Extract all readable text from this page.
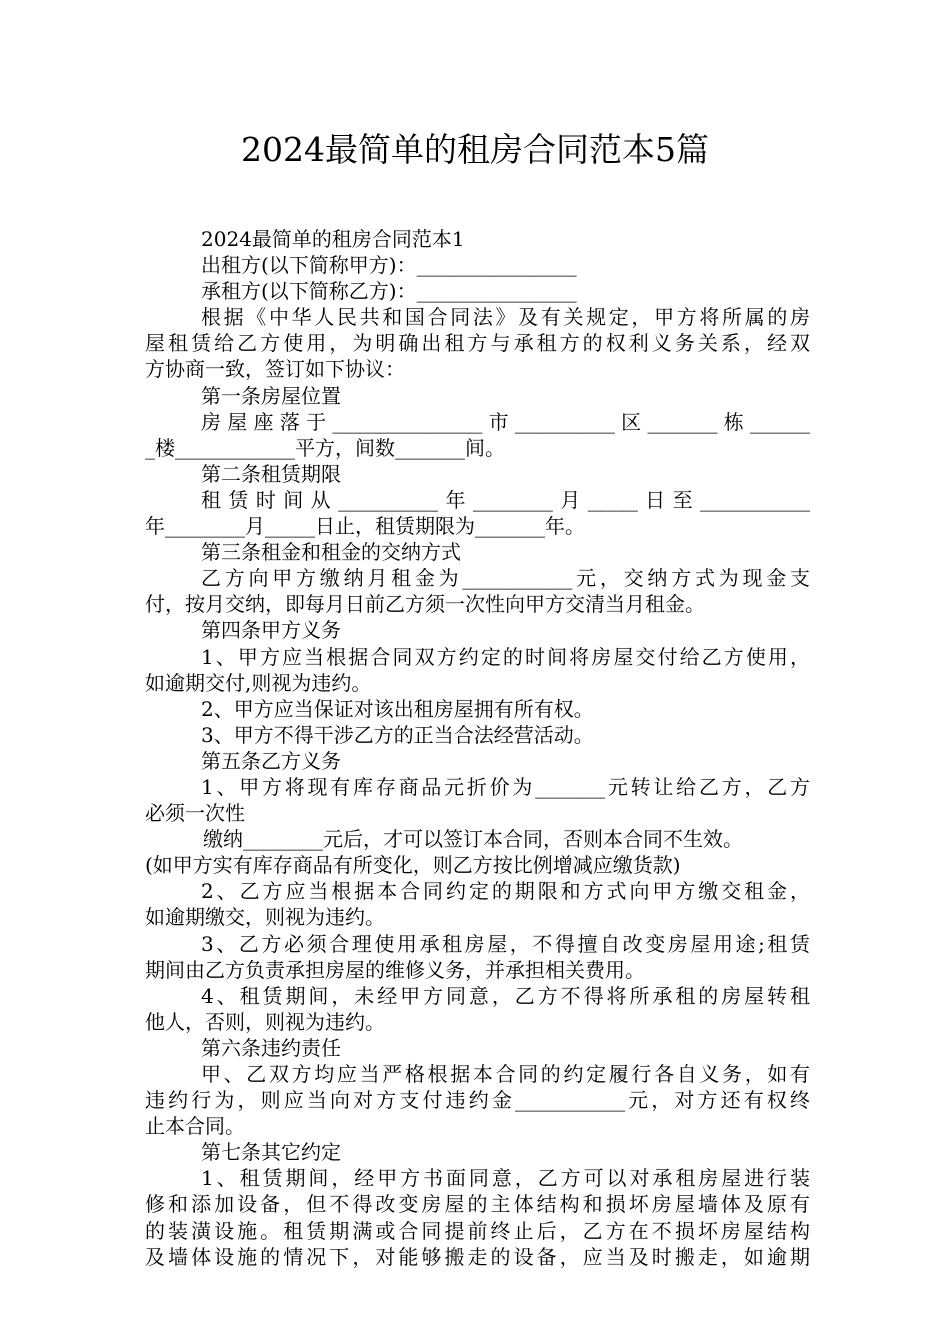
2024最简单的租房合同范本5篇
2024最简单的租房合同范本1
出租方(以下简称甲方)：________________
承租方(以下简称乙方)：________________
根据《中华人民共和国合同法》及有关规定，甲方将所属的房
屋租赁给乙方使用，为明确出租方与承租方的权利义务关系，经双
方协商一致，签订如下协议：
第一条房屋位置
房屋座落于_______________市__________区_______栋______
_楼____________平方，间数_______间。
第二条租赁期限
租赁时间从__________年________月_____日至___________
年________月_____日止，租赁期限为_______年。
第三条租金和租金的交纳方式
乙方向甲方缴纳月租金为___________元，交纳方式为现金支
付，按月交纳，即每月日前乙方须一次性向甲方交清当月租金。
第四条甲方义务
1、甲方应当根据合同双方约定的时间将房屋交付给乙方使用，
如逾期交付,则视为违约。
2、甲方应当保证对该出租房屋拥有所有权。
3、甲方不得干涉乙方的正当合法经营活动。
第五条乙方义务
1、甲方将现有库存商品元折价为_______元转让给乙方，乙方
必须一次性
缴纳________元后，才可以签订本合同，否则本合同不生效。
(如甲方实有库存商品有所变化，则乙方按比例增减应缴货款)
2、乙方应当根据本合同约定的期限和方式向甲方缴交租金，
如逾期缴交，则视为违约。
3、乙方必须合理使用承租房屋，不得擅自改变房屋用途;租赁
期间由乙方负责承担房屋的维修义务，并承担相关费用。
4、租赁期间，未经甲方同意，乙方不得将所承租的房屋转租
他人，否则，则视为违约。
第六条违约责任
甲、乙双方均应当严格根据本合同的约定履行各自义务，如有
违约行为，则应当向对方支付违约金___________元，对方还有权终
止本合同。
第七条其它约定
1、租赁期间，经甲方书面同意，乙方可以对承租房屋进行装
修和添加设备，但不得改变房屋的主体结构和损坏房屋墙体及原有
的装潢设施。租赁期满或合同提前终止后，乙方在不损坏房屋结构
及墙体设施的情况下，对能够搬走的设备，应当及时搬走，如逾期
